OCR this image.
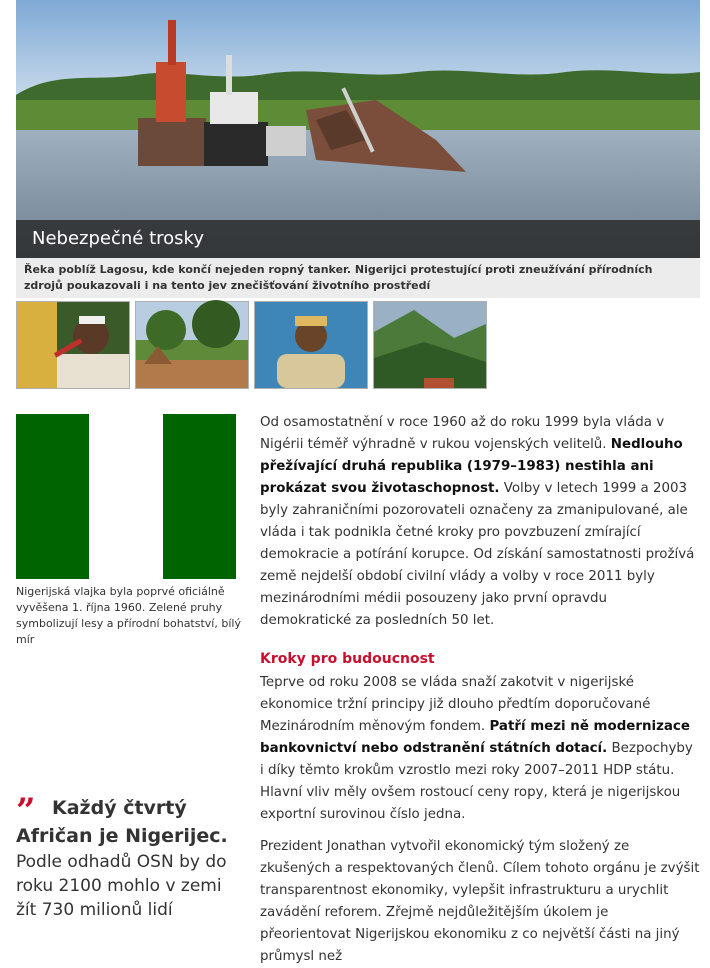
Nebezpečné trosky
Řeka poblíž Lagosu, kde končí nejeden ropný tanker. Nigerijci protestující proti zneužívání přírodních zdrojů poukazovali i na tento jev znečišťování životního prostředí
Nigerijská vlajka byla poprvé oficiálně vyvěšena 1. října 1960. Zelené pruhy symbolizují lesy a přírodní bohatství, bílý mír
” Každý čtvrtý Afričan je Nigerijec.
Podle odhadů OSN by do roku 2100 mohlo v zemi žít 730 milionů lidí

Od osamostatnění v roce 1960 až do roku 1999 byla vláda v Nigérii téměř výhradně v rukou vojenských velitelů. Nedlouho přežívající druhá republika (1979–1983) nestihla ani prokázat svou životaschopnost. Volby v letech 1999 a 2003 byly zahraničními pozorovateli označeny za zmanipulované, ale vláda i tak podnikla četné kroky pro povzbuzení zmírající demokracie a potírání korupce. Od získání samostatnosti prožívá země nejdelší období civilní vlády a volby v roce 2011 byly mezinárodními médii posouzeny jako první opravdu demokratické za posledních 50 let.

Kroky pro budoucnost

Teprve od roku 2008 se vláda snaží zakotvit v nigerijské ekonomice tržní principy již dlouho předtím doporučované Mezinárodním měnovým fondem. Patří mezi ně modernizace bankovnictví nebo odstranění státních dotací. Bezpochyby i díky těmto krokům vzrostlo mezi roky 2007–2011 HDP státu. Hlavní vliv měly ovšem rostoucí ceny ropy, která je nigerijskou exportní surovinou číslo jedna.

Prezident Jonathan vytvořil ekonomický tým složený ze zkušených a respektovaných členů. Cílem tohoto orgánu je zvýšit transparentnost ekonomiky, vylepšit infrastrukturu a urychlit zavádění reforem. Zřejmě nejdůležitějším úkolem je přeorientovat Nigerijskou ekonomiku z co největší části na jiný průmysl než
